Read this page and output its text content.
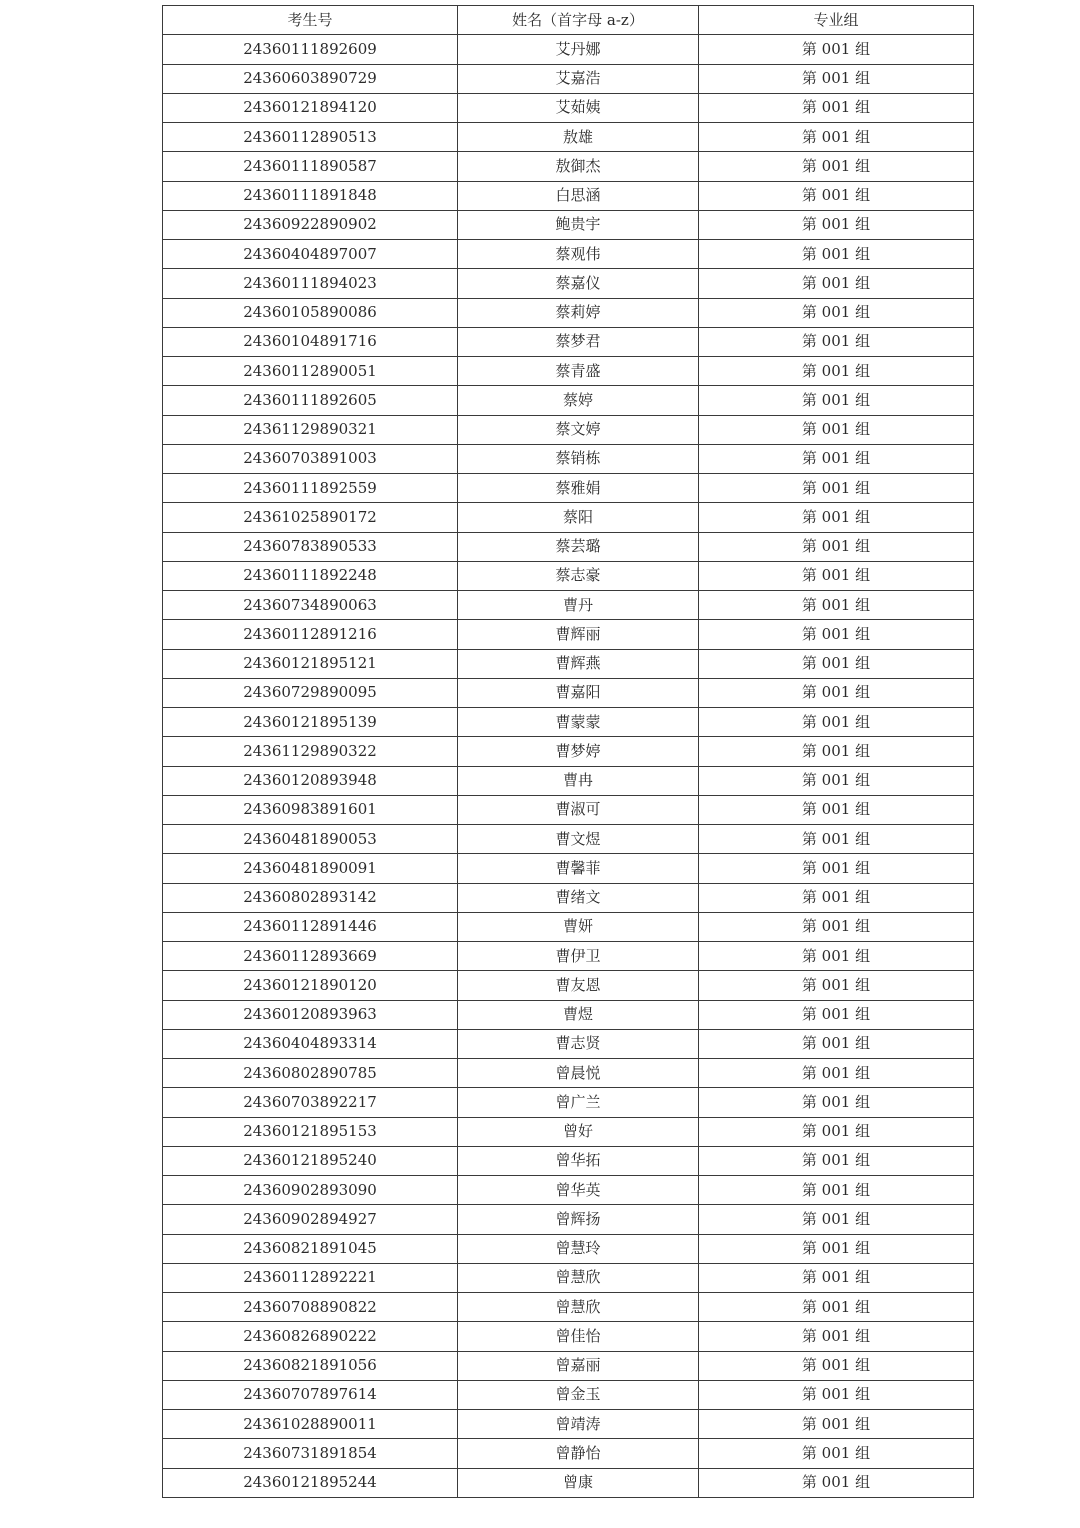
考生号	姓名（首字母 a-z）	专业组
24360111892609	艾丹娜	第 001 组
24360603890729	艾嘉浩	第 001 组
24360121894120	艾茹姨	第 001 组
24360112890513	敖雄	第 001 组
24360111890587	敖御杰	第 001 组
24360111891848	白思涵	第 001 组
24360922890902	鲍贵宇	第 001 组
24360404897007	蔡观伟	第 001 组
24360111894023	蔡嘉仪	第 001 组
24360105890086	蔡莉婷	第 001 组
24360104891716	蔡梦君	第 001 组
24360112890051	蔡青盛	第 001 组
24360111892605	蔡婷	第 001 组
24361129890321	蔡文婷	第 001 组
24360703891003	蔡销栋	第 001 组
24360111892559	蔡雅娟	第 001 组
24361025890172	蔡阳	第 001 组
24360783890533	蔡芸璐	第 001 组
24360111892248	蔡志豪	第 001 组
24360734890063	曹丹	第 001 组
24360112891216	曹辉丽	第 001 组
24360121895121	曹辉燕	第 001 组
24360729890095	曹嘉阳	第 001 组
24360121895139	曹蒙蒙	第 001 组
24361129890322	曹梦婷	第 001 组
24360120893948	曹冉	第 001 组
24360983891601	曹淑可	第 001 组
24360481890053	曹文煜	第 001 组
24360481890091	曹馨菲	第 001 组
24360802893142	曹绪文	第 001 组
24360112891446	曹妍	第 001 组
24360112893669	曹伊卫	第 001 组
24360121890120	曹友恩	第 001 组
24360120893963	曹煜	第 001 组
24360404893314	曹志贤	第 001 组
24360802890785	曾晨悦	第 001 组
24360703892217	曾广兰	第 001 组
24360121895153	曾好	第 001 组
24360121895240	曾华拓	第 001 组
24360902893090	曾华英	第 001 组
24360902894927	曾辉扬	第 001 组
24360821891045	曾慧玲	第 001 组
24360112892221	曾慧欣	第 001 组
24360708890822	曾慧欣	第 001 组
24360826890222	曾佳怡	第 001 组
24360821891056	曾嘉丽	第 001 组
24360707897614	曾金玉	第 001 组
24361028890011	曾靖涛	第 001 组
24360731891854	曾静怡	第 001 组
24360121895244	曾康	第 001 组
